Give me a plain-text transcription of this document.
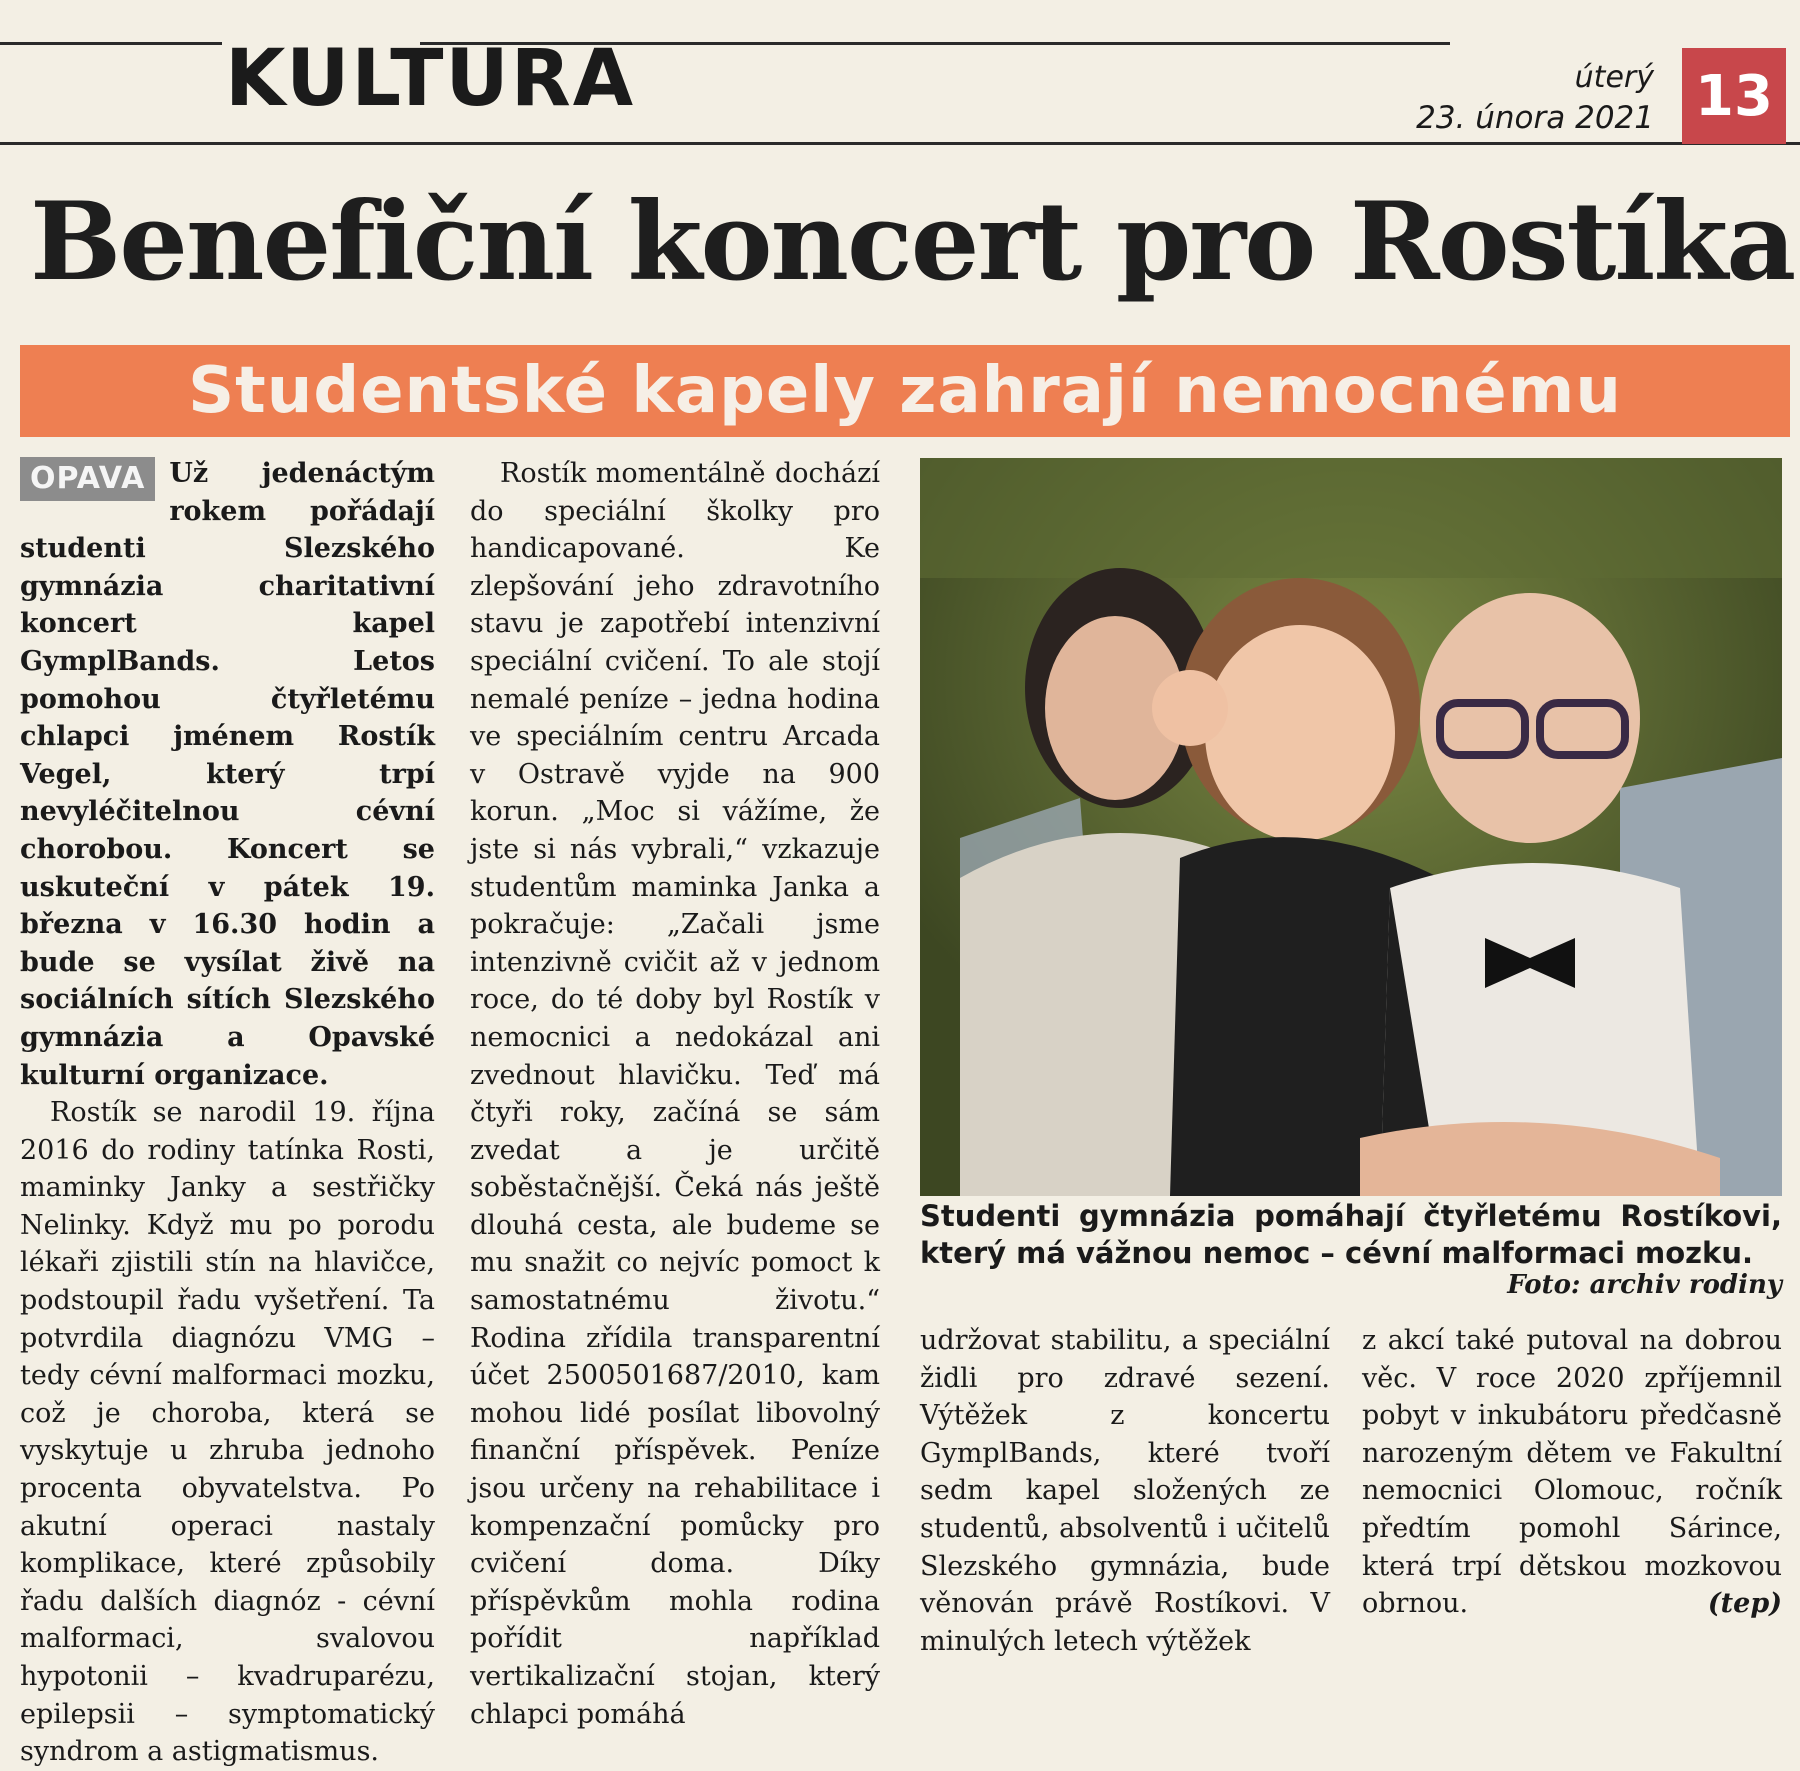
KULTURA	úterý
23. února 2021 13
Benefiční koncert pro Rostíka
Studentské kapely zahrají nemocnému

OPAVA Už jedenáctým rokem pořádají studenti Slezského gymnázia charitativní koncert kapel GymplBands. Letos pomohou čtyřletému chlapci jménem Rostík Vegel, který trpí nevyléčitelnou cévní chorobou. Koncert se uskuteční v pátek 19. března v 16.30 hodin a bude se vysílat živě na sociálních sítích Slezského gymnázia a Opavské kulturní organizace.

Rostík se narodil 19. října 2016 do rodiny tatínka Rosti, maminky Janky a sestřičky Nelinky. Když mu po porodu lékaři zjistili stín na hlavičce, podstoupil řadu vyšetření. Ta potvrdila diagnózu VMG – tedy cévní malformaci mozku, což je choroba, která se vyskytuje u zhruba jednoho procenta obyvatelstva. Po akutní operaci nastaly komplikace, které způsobily řadu dalších diagnóz - cévní malformaci, svalovou hypotonii – kvadruparézu, epilepsii – symptomatický syndrom a astigmatismus.

Rostík momentálně dochází do speciální školky pro handicapované. Ke zlepšování jeho zdravotního stavu je zapotřebí intenzivní speciální cvičení. To ale stojí nemalé peníze – jedna hodina ve speciálním centru Arcada v Ostravě vyjde na 900 korun. „Moc si vážíme, že jste si nás vybrali,“ vzkazuje studentům maminka Janka a pokračuje: „Začali jsme intenzivně cvičit až v jednom roce, do té doby byl Rostík v nemocnici a nedokázal ani zvednout hlavičku. Teď má čtyři roky, začíná se sám zvedat a je určitě soběstačnější. Čeká nás ještě dlouhá cesta, ale budeme se mu snažit co nejvíc pomoct k samostatnému životu.“ Rodina zřídila transparentní účet 2500501687/2010, kam mohou lidé posílat libovolný finanční příspěvek. Peníze jsou určeny na rehabilitace i kompenzační pomůcky pro cvičení doma. Díky příspěvkům mohla rodina pořídit například vertikalizační stojan, který chlapci pomáhá

Studenti gymnázia pomáhají čtyřletému Rostíkovi, který má vážnou nemoc – cévní malformaci mozku.
Foto: archiv rodiny

udržovat stabilitu, a speciální židli pro zdravé sezení. Výtěžek z koncertu GymplBands, které tvoří sedm kapel složených ze studentů, absolventů i učitelů Slezského gymnázia, bude věnován právě Rostíkovi. V minulých letech výtěžek

z akcí také putoval na dobrou věc. V roce 2020 zpříjemnil pobyt v inkubátoru předčasně narozeným dětem ve Fakultní nemocnici Olomouc, ročník předtím pomohl Sárince, která trpí dětskou mozkovou obrnou.	(tep)
